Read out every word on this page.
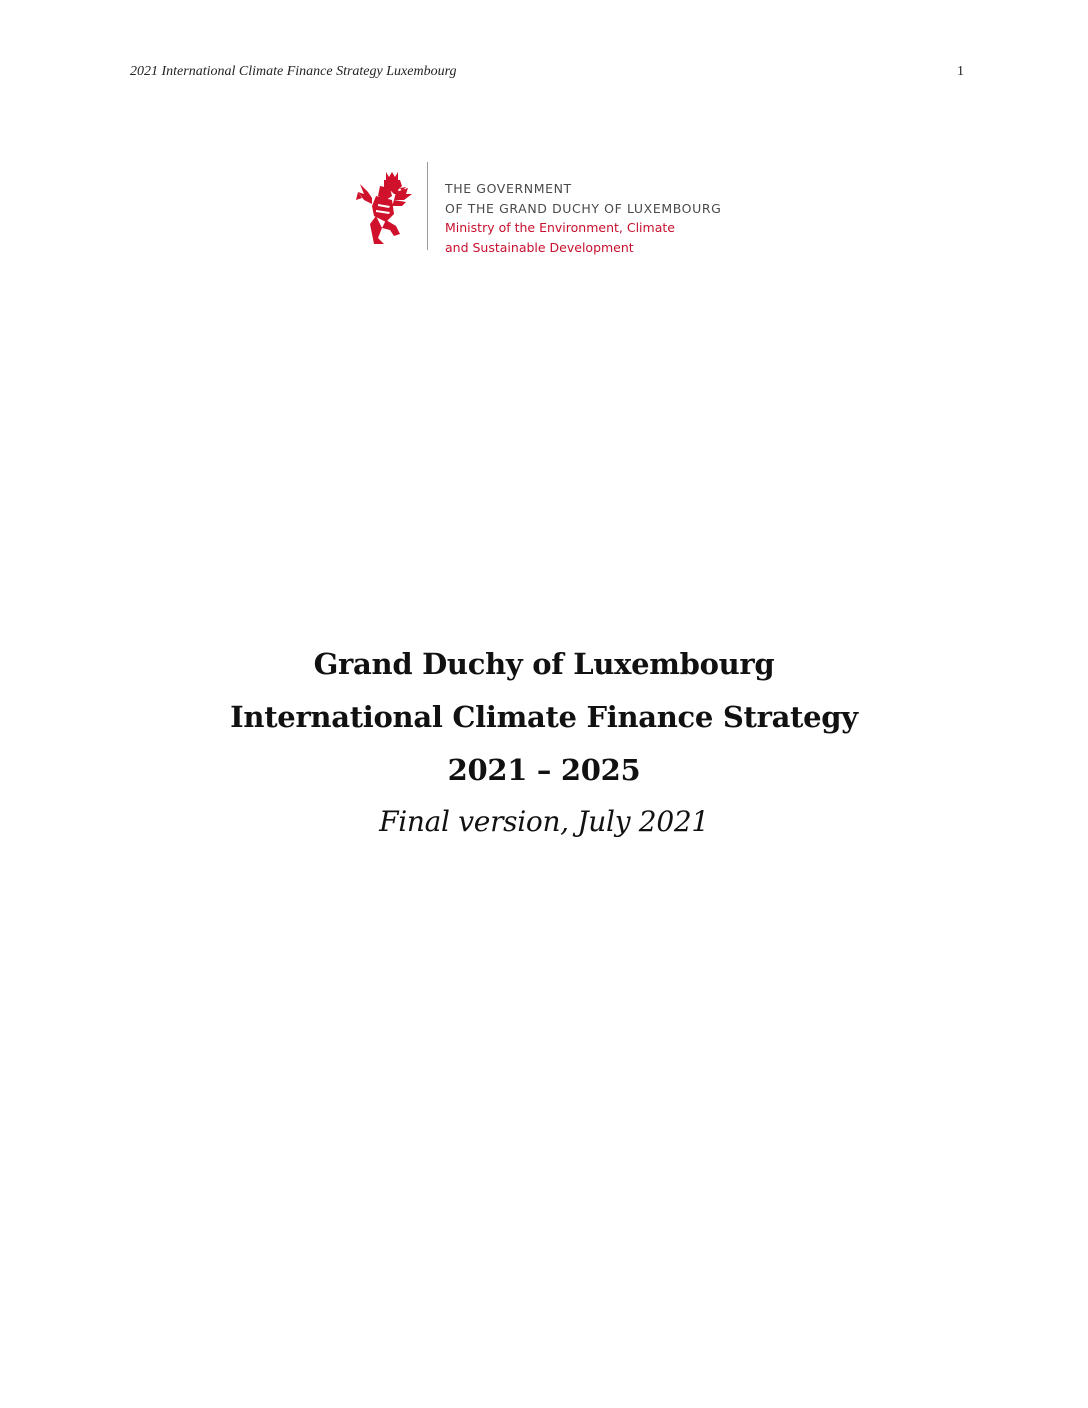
2021 International Climate Finance Strategy Luxembourg	1
THE GOVERNMENT
OF THE GRAND DUCHY OF LUXEMBOURG
Ministry of the Environment, Climate
and Sustainable Development
Grand Duchy of Luxembourg
International Climate Finance Strategy
2021 – 2025
Final version, July 2021
